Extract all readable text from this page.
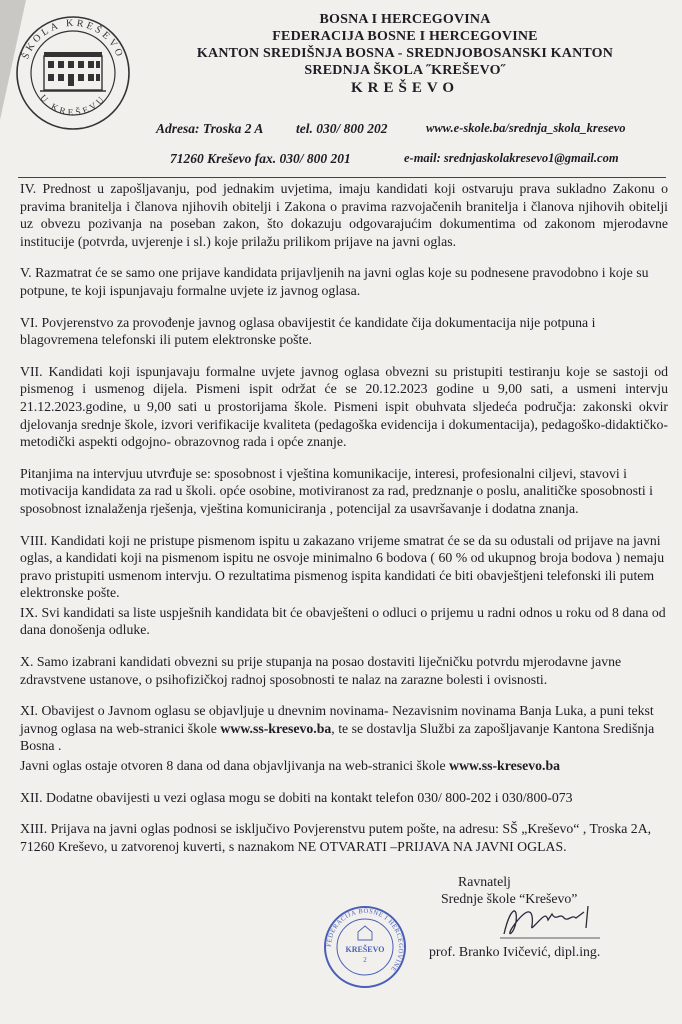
ŠKOLA KREŠEVO
U KREŠEVU
BOSNA I HERCEGOVINA
FEDERACIJA BOSNE I HERCEGOVINE
KANTON SREDIŠNJA BOSNA - SREDNJOBOSANSKI KANTON
SREDNJA ŠKOLA ˝KREŠEVO˝
KREŠEVO
Adresa: Troska 2 A tel. 030/ 800 202	www.e-skole.ba/srednja_skola_kresevo
71260 Kreševo fax. 030/ 800 201	e-mail: srednjaskolakresevo1@gmail.com

IV. Prednost u zapošljavanju, pod jednakim uvjetima, imaju kandidati koji ostvaruju prava sukladno Zakonu o pravima branitelja i članova njihovih obitelji i Zakona o pravima razvojačenih branitelja i članova njihovih obitelji uz obvezu pozivanja na poseban zakon, što dokazuju odgovarajućim dokumentima od zakonom mjerodavne institucije (potvrda, uvjerenje i sl.) koje prilažu prilikom prijave na javni oglas.

V. Razmatrat će se samo one prijave kandidata prijavljenih na javni oglas koje su podnesene pravodobno i koje su potpune, te koji ispunjavaju formalne uvjete iz javnog oglasa.

VI. Povjerenstvo za provođenje javnog oglasa obavijestit će kandidate čija dokumentacija nije potpuna i blagovremena telefonski ili putem elektronske pošte.

VII. Kandidati koji ispunjavaju formalne uvjete javnog oglasa obvezni su pristupiti testiranju koje se sastoji od pismenog i usmenog dijela. Pismeni ispit održat će se 20.12.2023 godine u 9,00 sati, a usmeni intervju 21.12.2023.godine, u 9,00 sati u prostorijama škole. Pismeni ispit obuhvata sljedeća područja: zakonski okvir djelovanja srednje škole, izvori verifikacije kvaliteta (pedagoška evidencija i dokumentacija), pedagoško-didaktičko-metodički aspekti odgojno- obrazovnog rada i opće znanje.

Pitanjima na intervjuu utvrđuje se: sposobnost i vještina komunikacije, interesi, profesionalni ciljevi, stavovi i motivacija kandidata za rad u školi. opće osobine, motiviranost za rad, predznanje o poslu, analitičke sposobnosti i sposobnost iznalaženja rješenja, vještina komuniciranja , potencijal za usavršavanje i dodatna znanja.

VIII. Kandidati koji ne pristupe pismenom ispitu u zakazano vrijeme smatrat će se da su odustali od prijave na javni oglas, a kandidati koji na pismenom ispitu ne osvoje minimalno 6 bodova ( 60 % od ukupnog broja bodova ) nemaju pravo pristupiti usmenom intervju. O rezultatima pismenog ispita kandidati će biti obavještjeni telefonski ili putem elektronske pošte.

IX. Svi kandidati sa liste uspješnih kandidata bit će obavješteni o odluci o prijemu u radni odnos u roku od 8 dana od dana donošenja odluke.

X. Samo izabrani kandidati obvezni su prije stupanja na posao dostaviti liječničku potvrdu mjerodavne javne zdravstvene ustanove, o psihofizičkoj radnoj sposobnosti te nalaz na zarazne bolesti i ovisnosti.

XI. Obavijest o Javnom oglasu se objavljuje u dnevnim novinama- Nezavisnim novinama Banja Luka, a puni tekst javnog oglasa na web-stranici škole www.ss-kresevo.ba, te se dostavlja Službi za zapošljavanje Kantona Središnja Bosna .

Javni oglas ostaje otvoren 8 dana od dana objavljivanja na web-stranici škole www.ss-kresevo.ba

XII. Dodatne obavijesti u vezi oglasa mogu se dobiti na kontakt telefon 030/ 800-202 i 030/800-073

XIII. Prijava na javni oglas podnosi se isključivo Povjerenstvu putem pošte, na adresu: SŠ „Kreševo“ , Troska 2A, 71260 Kreševo, u zatvorenoj kuverti, s naznakom NE OTVARATI –PRIJAVA NA JAVNI OGLAS.

Ravnatelj
Srednje škole “Kreševo”
prof. Branko Ivičević, dipl.ing.
FEDERACIJA BOSNE I HERCEGOVINE
KREŠEVO
2
